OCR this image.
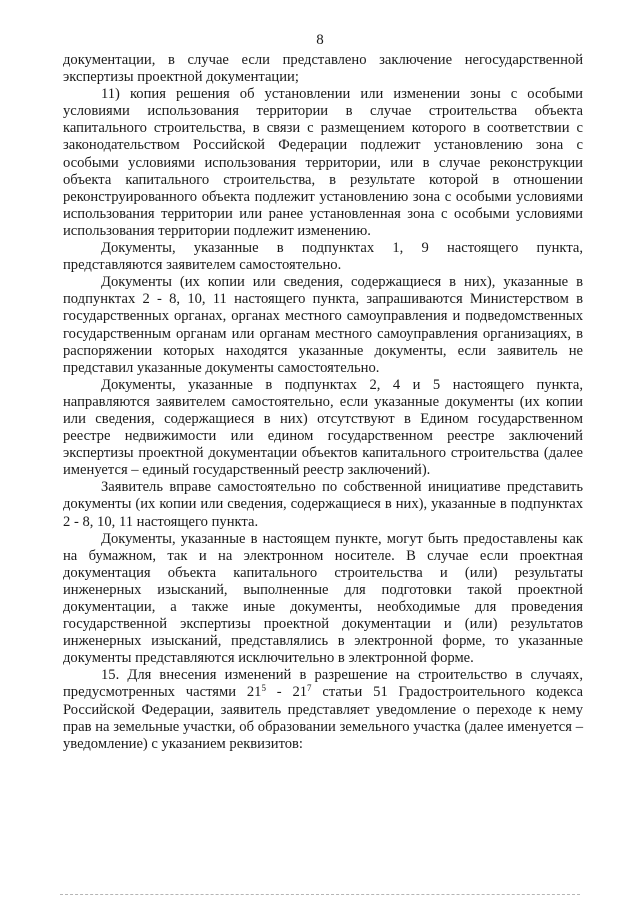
8

документации, в случае если представлено заключение негосударственной экспертизы проектной документации;

11) копия решения об установлении или изменении зоны с особыми условиями использования территории в случае строительства объекта капитального строительства, в связи с размещением которого в соответствии с законодательством Российской Федерации подлежит установлению зона с особыми условиями использования территории, или в случае реконструкции объекта капитального строительства, в результате которой в отношении реконструированного объекта подлежит установлению зона с особыми условиями использования территории или ранее установленная зона с особыми условиями использования территории подлежит изменению.

Документы, указанные в подпунктах 1, 9 настоящего пункта, представляются заявителем самостоятельно.

Документы (их копии или сведения, содержащиеся в них), указанные в подпунктах 2 - 8, 10, 11 настоящего пункта, запрашиваются Министерством в государственных органах, органах местного самоуправления и подведомственных государственным органам или органам местного самоуправления организациях, в распоряжении которых находятся указанные документы, если заявитель не представил указанные документы самостоятельно.

Документы, указанные в подпунктах 2, 4 и 5 настоящего пункта, направляются заявителем самостоятельно, если указанные документы (их копии или сведения, содержащиеся в них) отсутствуют в Едином государственном реестре недвижимости или едином государственном реестре заключений экспертизы проектной документации объектов капитального строительства (далее именуется – единый государственный реестр заключений).

Заявитель вправе самостоятельно по собственной инициативе представить документы (их копии или сведения, содержащиеся в них), указанные в подпунктах 2 - 8, 10, 11 настоящего пункта.

Документы, указанные в настоящем пункте, могут быть предоставлены как на бумажном, так и на электронном носителе. В случае если проектная документация объекта капитального строительства и (или) результаты инженерных изысканий, выполненные для подготовки такой проектной документации, а также иные документы, необходимые для проведения государственной экспертизы проектной документации и (или) результатов инженерных изысканий, представлялись в электронной форме, то указанные документы представляются исключительно в электронной форме.

15. Для внесения изменений в разрешение на строительство в случаях, предусмотренных частями $21^5 - 21^7$ статьи 51 Градостроительного кодекса Российской Федерации, заявитель представляет уведомление о переходе к нему прав на земельные участки, об образовании земельного участка (далее именуется – уведомление) с указанием реквизитов:
